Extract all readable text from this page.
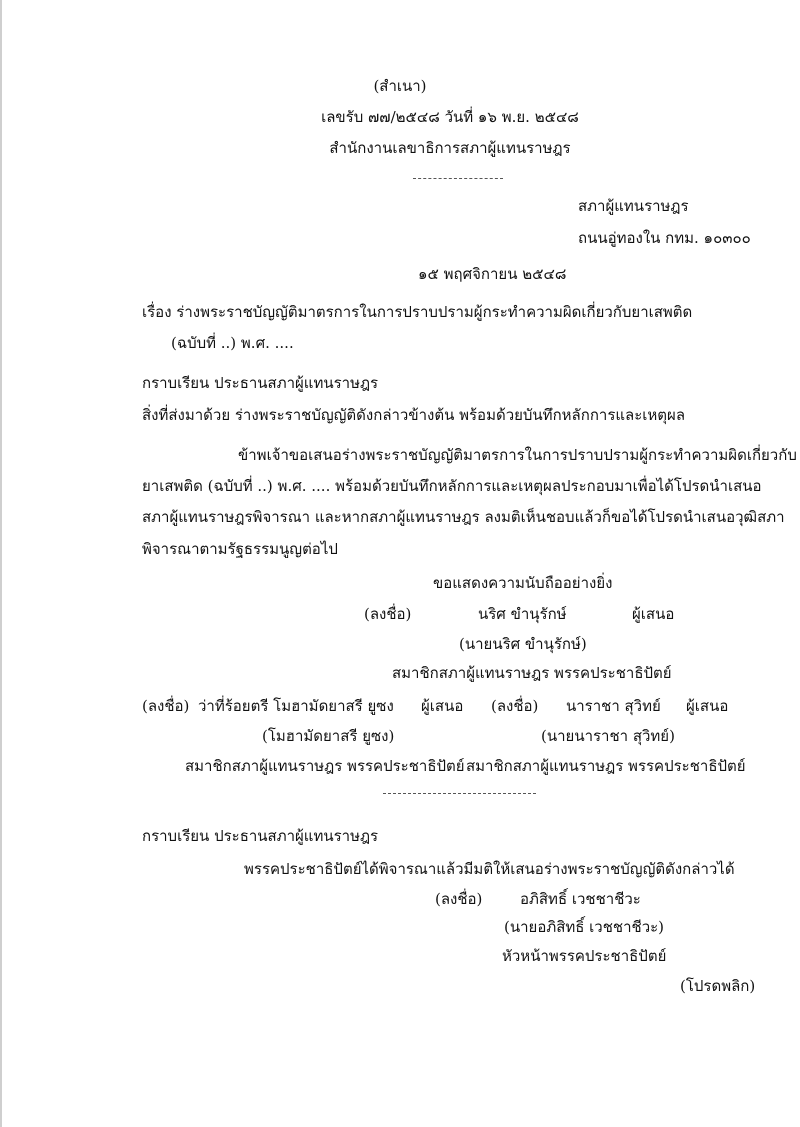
(สำเนา)
เลขรับ ๗๗/๒๕๔๘ วันที่ ๑๖ พ.ย. ๒๕๔๘
สำนักงานเลขาธิการสภาผู้แทนราษฎร
สภาผู้แทนราษฎร
ถนนอู่ทองใน กทม. ๑๐๓๐๐
๑๕ พฤศจิกายน ๒๕๔๘
เรื่อง ร่างพระราชบัญญัติมาตรการในการปราบปรามผู้กระทำความผิดเกี่ยวกับยาเสพติด
(ฉบับที่ ..) พ.ศ. ....
กราบเรียน ประธานสภาผู้แทนราษฎร
สิ่งที่ส่งมาด้วย ร่างพระราชบัญญัติดังกล่าวข้างต้น พร้อมด้วยบันทึกหลักการและเหตุผล
ข้าพเจ้าขอเสนอร่างพระราชบัญญัติมาตรการในการปราบปรามผู้กระทำความผิดเกี่ยวกับ
ยาเสพติด (ฉบับที่ ..) พ.ศ. .... พร้อมด้วยบันทึกหลักการและเหตุผลประกอบมาเพื่อได้โปรดนำเสนอ
สภาผู้แทนราษฎรพิจารณา และหากสภาผู้แทนราษฎร ลงมติเห็นชอบแล้วก็ขอได้โปรดนำเสนอวุฒิสภา
พิจารณาตามรัฐธรรมนูญต่อไป
ขอแสดงความนับถืออย่างยิ่ง
(ลงชื่อ)	นริศ ขำนุรักษ์	ผู้เสนอ
(นายนริศ ขำนุรักษ์)
สมาชิกสภาผู้แทนราษฎร พรรคประชาธิปัตย์
(ลงชื่อ) ว่าที่ร้อยตรี โมฮามัดยาสรี ยูซง ผู้เสนอ (ลงชื่อ) นาราชา สุวิทย์ ผู้เสนอ
(โมฮามัดยาสรี ยูซง)	(นายนาราชา สุวิทย์)
สมาชิกสภาผู้แทนราษฎร พรรคประชาธิปัตย์ สมาชิกสภาผู้แทนราษฎร พรรคประชาธิปัตย์
กราบเรียน ประธานสภาผู้แทนราษฎร
พรรคประชาธิปัตย์ได้พิจารณาแล้วมีมติให้เสนอร่างพระราชบัญญัติดังกล่าวได้
(ลงชื่อ)	อภิสิทธิ์ เวชชาชีวะ
(นายอภิสิทธิ์ เวชชาชีวะ)
หัวหน้าพรรคประชาธิปัตย์
(โปรดพลิก)
